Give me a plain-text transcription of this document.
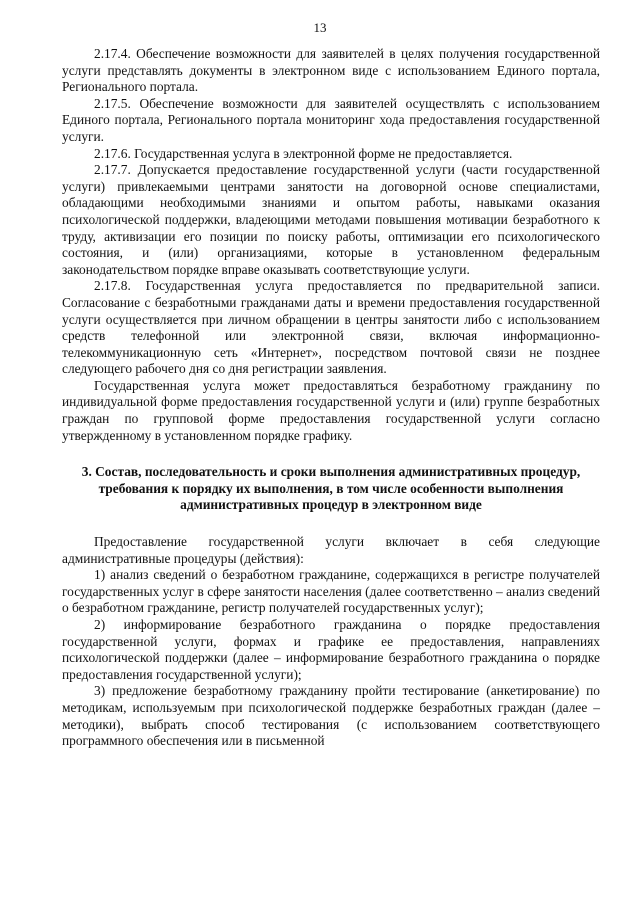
13

2.17.4. Обеспечение возможности для заявителей в целях получения государственной услуги представлять документы в электронном виде с использованием Единого портала, Регионального портала.

2.17.5. Обеспечение возможности для заявителей осуществлять с использованием Единого портала, Регионального портала мониторинг хода предоставления государственной услуги.

2.17.6. Государственная услуга в электронной форме не предоставляется.

2.17.7. Допускается предоставление государственной услуги (части государственной услуги) привлекаемыми центрами занятости на договорной основе специалистами, обладающими необходимыми знаниями и опытом работы, навыками оказания психологической поддержки, владеющими методами повышения мотивации безработного к труду, активизации его позиции по поиску работы, оптимизации его психологического состояния, и (или) организациями, которые в установленном федеральным законодательством порядке вправе оказывать соответствующие услуги.

2.17.8. Государственная услуга предоставляется по предварительной записи. Согласование с безработными гражданами даты и времени предоставления государственной услуги осуществляется при личном обращении в центры занятости либо с использованием средств телефонной или электронной связи, включая информационно-телекоммуникационную сеть «Интернет», посредством почтовой связи не позднее следующего рабочего дня со дня регистрации заявления.

Государственная услуга может предоставляться безработному гражданину по индивидуальной форме предоставления государственной услуги и (или) группе безработных граждан по групповой форме предоставления государственной услуги согласно утвержденному в установленном порядке графику.

3. Состав, последовательность и сроки выполнения административных процедур, требования к порядку их выполнения, в том числе особенности выполнения административных процедур в электронном виде

Предоставление государственной услуги включает в себя следующие административные процедуры (действия):

1) анализ сведений о безработном гражданине, содержащихся в регистре получателей государственных услуг в сфере занятости населения (далее соответственно – анализ сведений о безработном гражданине, регистр получателей государственных услуг);

2) информирование безработного гражданина о порядке предоставления государственной услуги, формах и графике ее предоставления, направлениях психологической поддержки (далее – информирование безработного гражданина о порядке предоставления государственной услуги);

3) предложение безработному гражданину пройти тестирование (анкетирование) по методикам, используемым при психологической поддержке безработных граждан (далее – методики), выбрать способ тестирования (с использованием соответствующего программного обеспечения или в письменной
